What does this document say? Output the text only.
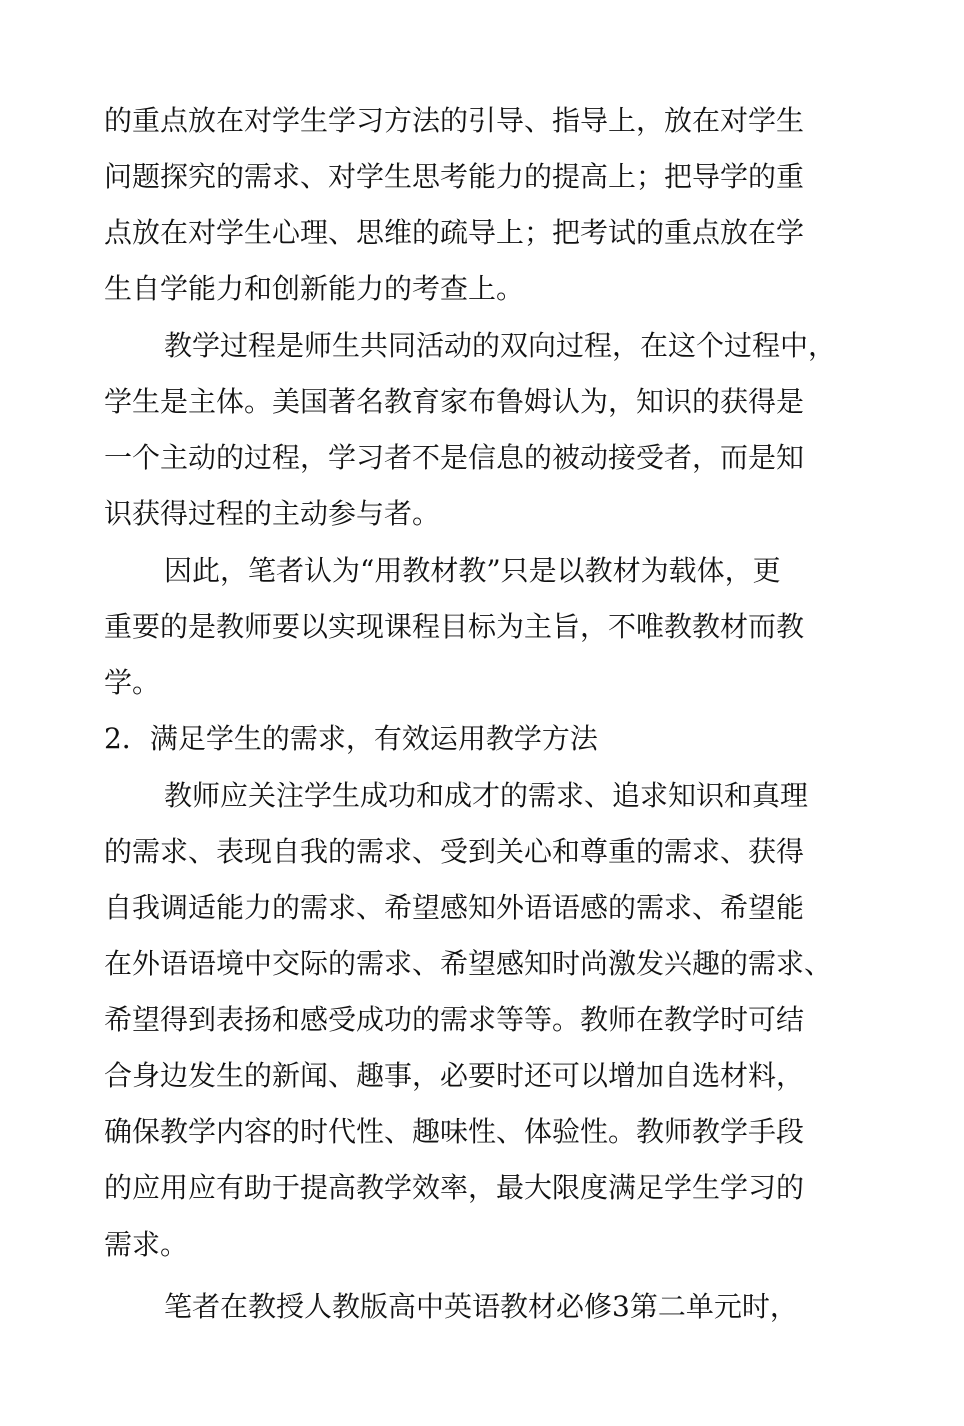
的重点放在对学生学习方法的引导、指导上，放在对学生
问题探究的需求、对学生思考能力的提高上；把导学的重
点放在对学生心理、思维的疏导上；把考试的重点放在学
生自学能力和创新能力的考查上。
教学过程是师生共同活动的双向过程，在这个过程中，
学生是主体。美国著名教育家布鲁姆认为，知识的获得是
一个主动的过程，学习者不是信息的被动接受者，而是知
识获得过程的主动参与者。
因此，笔者认为“用教材教”只是以教材为载体，更
重要的是教师要以实现课程目标为主旨，不唯教教材而教
学。
2．满足学生的需求，有效运用教学方法
教师应关注学生成功和成才的需求、追求知识和真理
的需求、表现自我的需求、受到关心和尊重的需求、获得
自我调适能力的需求、希望感知外语语感的需求、希望能
在外语语境中交际的需求、希望感知时尚激发兴趣的需求、
希望得到表扬和感受成功的需求等等。教师在教学时可结
合身边发生的新闻、趣事，必要时还可以增加自选材料，
确保教学内容的时代性、趣味性、体验性。教师教学手段
的应用应有助于提高教学效率，最大限度满足学生学习的
需求。
笔者在教授人教版高中英语教材必修3第二单元时，
